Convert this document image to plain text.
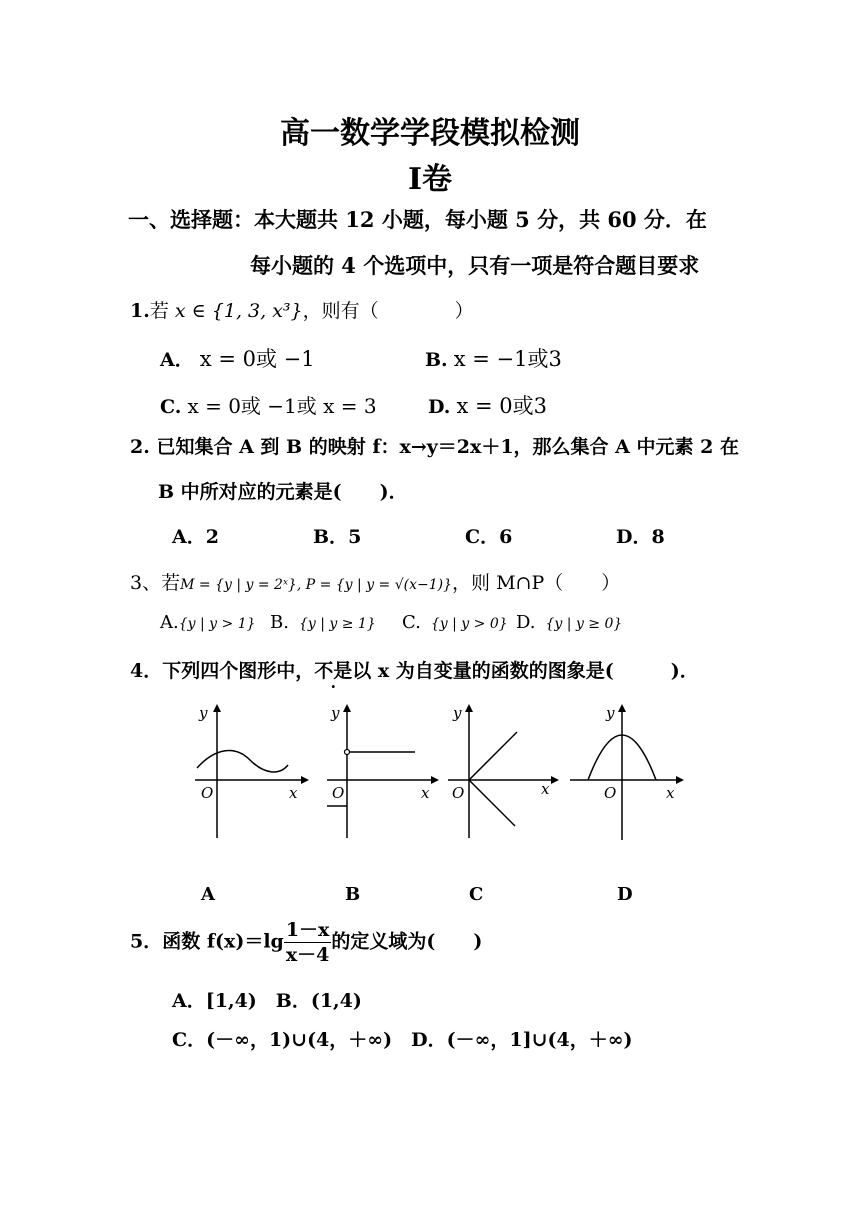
高一数学学段模拟检测
Ⅰ卷
一、选择题：本大题共 12 小题，每小题 5 分，共 60 分．在
每小题的 4 个选项中，只有一项是符合题目要求
1.若 x ∈ {1, 3, x³}，则有（　　　　）
A． x = 0或 −1	B. x = −1或3
C. x = 0或 −1或 x = 3	D. x = 0或3
2. 已知集合 A 到 B 的映射 f：x→y＝2x＋1，那么集合 A 中元素 2 在
B 中所对应的元素是(　　)．
A．2	B．5	C．6	D．8
3、若M = {y | y = 2ˣ}, P = {y | y = √(x−1)}，则 M∩P（　　）
A.{y | y > 1} B. {y | y ≥ 1} C. {y | y > 0} D. {y | y ≥ 0}
4．下列四个图形中，不是以 x 为自变量的函数的图象是(　　　)．
y
x
O
A
y
x
O
B
y
x
O
C
y
x
O
D
5．函数 $f(x)=\lg \frac{1-x}{x-4}$ 的定义域为(　　)
A．[1,4)　B．(1,4)
C．(－∞，1)∪(4，＋∞)　D．(－∞，1]∪(4，＋∞)
